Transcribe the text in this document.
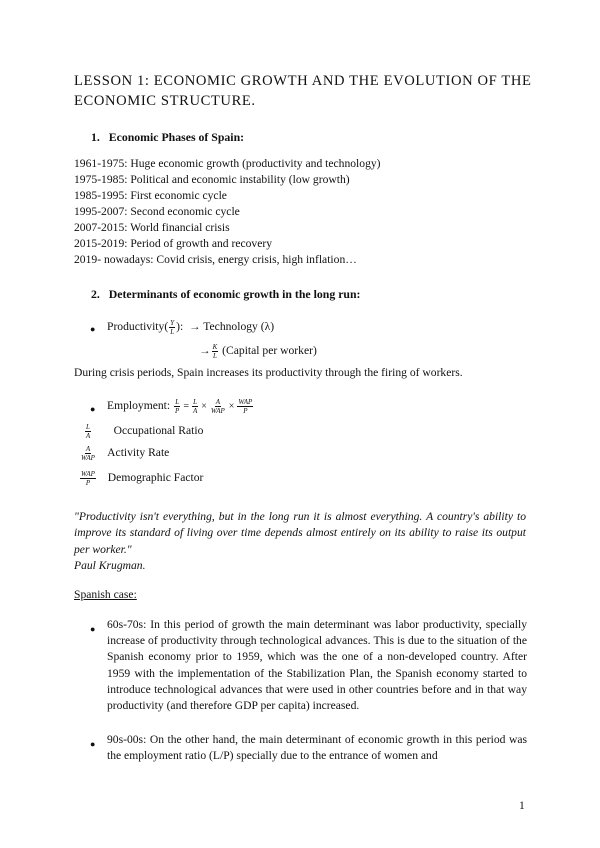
LESSON 1: ECONOMIC GROWTH AND THE EVOLUTION OF THE ECONOMIC STRUCTURE.
1. Economic Phases of Spain:
1961-1975: Huge economic growth (productivity and technology)
1975-1985: Political and economic instability (low growth)
1985-1995: First economic cycle
1995-2007: Second economic cycle
2007-2015: World financial crisis
2015-2019: Period of growth and recovery
2019- nowadays: Covid crisis, energy crisis, high inflation…
2. Determinants of economic growth in the long run:
● Productivity( $\frac{Y}{L}$ ): → Technology (λ)
→ $\frac{K}{L}$ (Capital per worker)
During crisis periods, Spain increases its productivity through the firing of workers.
● Employment: $\frac{L}{P} = \frac{L}{A} \times \frac{A}{\text{WAP}} \times \frac{\text{WAP}}{P}$
$\frac{L}{A}$ Occupational Ratio
$\frac{A}{\text{WAP}}$ Activity Rate
$\frac{\text{WAP}}{P}$ Demographic Factor
"Productivity isn't everything, but in the long run it is almost everything. A country's ability to improve its standard of living over time depends almost entirely on its ability to raise its output per worker."
Paul Krugman.
Spanish case:
● 60s-70s: In this period of growth the main determinant was labor productivity, specially increase of productivity through technological advances. This is due to the situation of the Spanish economy prior to 1959, which was the one of a non-developed country. After 1959 with the implementation of the Stabilization Plan, the Spanish economy started to introduce technological advances that were used in other countries before and in that way productivity (and therefore GDP per capita) increased.
● 90s-00s: On the other hand, the main determinant of economic growth in this period was the employment ratio (L/P) specially due to the entrance of women and
1
